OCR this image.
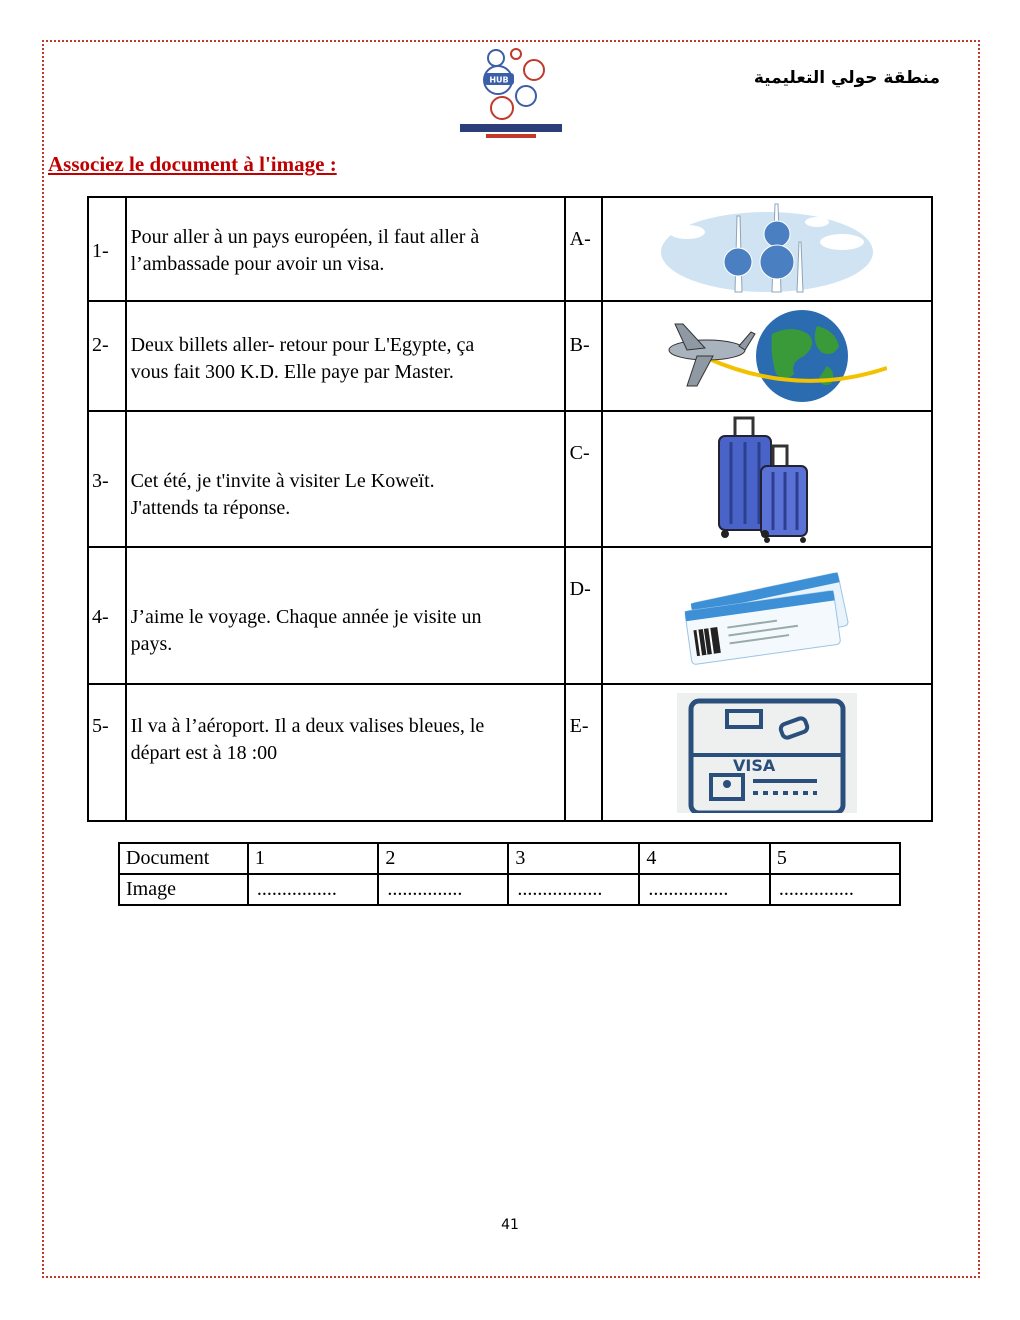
HUB	منطقة حولي التعليمية
Associez le document à l'image :
1-	Pour aller à un pays européen, il faut aller à
l’ambassade pour avoir un visa.	A-

2-	Deux billets aller- retour pour L'Egypte, ça
vous fait 300 K.D. Elle paye par Master.	B-

3-	Cet été, je t'invite à visiter Le Koweït.
J'attends ta réponse.	C-

4-	J’aime le voyage. Chaque année je visite un
pays.	D-

5-	Il va à l’aéroport. Il a deux valises bleues, le
départ est à 18 :00	E-	VISA
Document	1	2	3	4	5
Image	................	...............	.................	................	...............
41
